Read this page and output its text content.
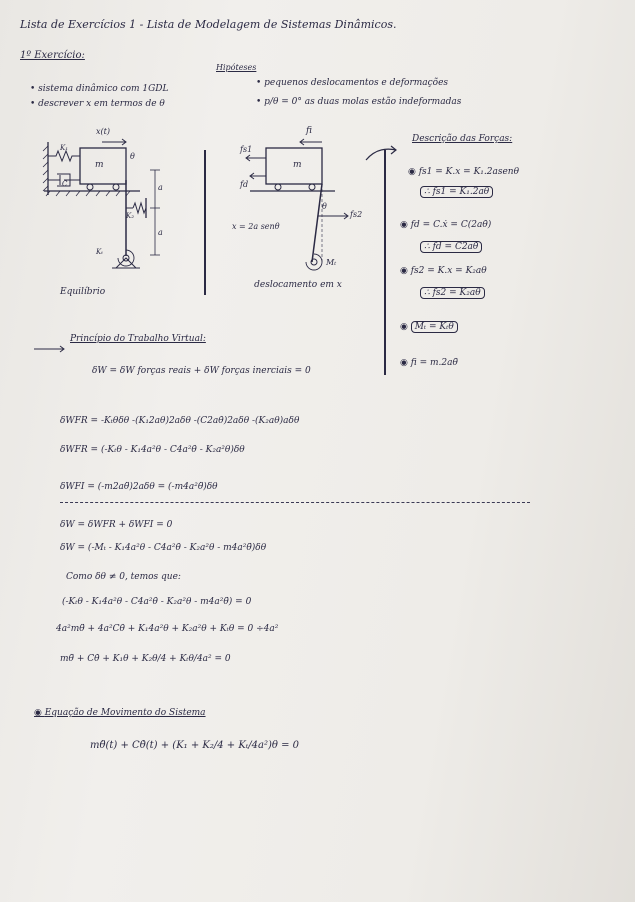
Lista de Exercícios 1 - Lista de Modelagem de Sistemas Dinâmicos.
1º Exercício:
Hipóteses
• sistema dinâmico com 1GDL
• descrever x em termos de θ
• pequenos deslocamentos e deformações
• p/θ = 0° as duas molas estão indeformadas
x(t)
K₁
m
C
θ
a
a
K₂
Kₜ
Equilíbrio
fs1
fi
fd
m
θ
fs2
Mₜ
x = 2a senθ
deslocamento em x
Descrição das Forças:
◉ fs1 = K.x = K₁.2asenθ
∴ fs1 = K₁.2aθ
◉ fd = C.ẋ = C(2aθ̇)
∴ fd = C2aθ̇
◉ fs2 = K.x = K₂aθ
∴ fs2 = K₂aθ
◉ Mₜ = Kₜθ
◉ fi = m.2aθ̈
Princípio do Trabalho Virtual:
δW = δW forças reais + δW forças inerciais = 0
δWFR = -Kₜθδθ -(K₁2aθ)2aδθ -(C2aθ̇)2aδθ -(K₂aθ)aδθ
δWFR = (-Kₜθ - K₁4a²θ - C4a²θ̇ - K₂a²θ)δθ
δWFI = (-m2aθ̈)2aδθ = (-m4a²θ̈)δθ
δW = δWFR + δWFI = 0
δW = (-Mₜ - K₁4a²θ - C4a²θ̇ - K₂a²θ - m4a²θ̈)δθ
Como δθ ≠ 0, temos que:
(-Kₜθ - K₁4a²θ - C4a²θ̇ - K₂a²θ - m4a²θ̈) = 0
4a²mθ̈ + 4a²Cθ̇ + K₁4a²θ + K₂a²θ + Kₜθ = 0 ÷4a²
mθ̈ + Cθ̇ + K₁θ + K₂θ/4 + Kₜθ/4a² = 0
◉ Equação de Movimento do Sistema
mθ̈(t) + Cθ̇(t) + (K₁ + K₂/4 + Kₜ/4a²)θ = 0
